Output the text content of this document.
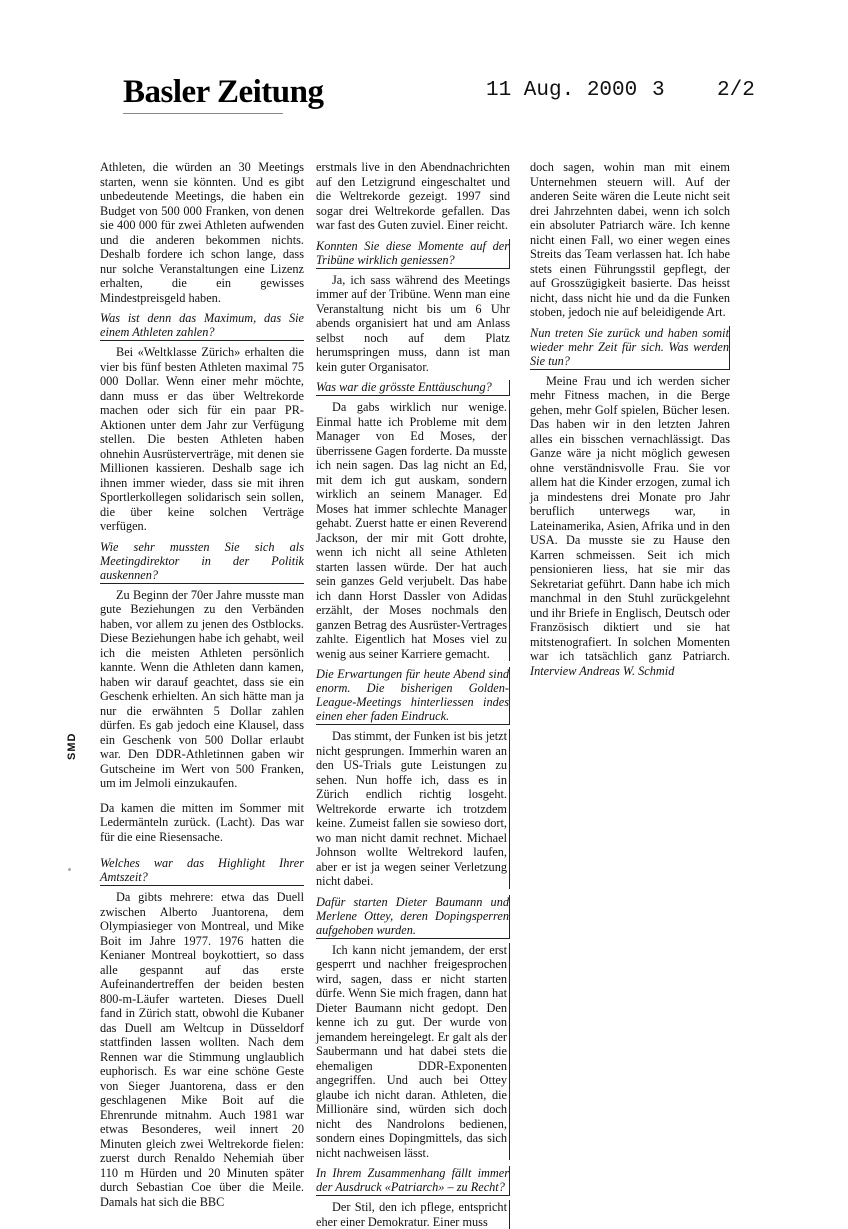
Basler Zeitung	11 Aug. 2000 3 2/2

Athleten, die würden an 30 Meetings starten, wenn sie könnten. Und es gibt unbedeutende Meetings, die haben ein Budget von 500 000 Franken, von denen sie 400 000 für zwei Athleten aufwenden und die anderen bekommen nichts. Deshalb fordere ich schon lange, dass nur solche Veranstaltungen eine Lizenz erhalten, die ein gewisses Mindestpreisgeld haben.

Was ist denn das Maximum, das Sie einem Athleten zahlen?

Bei «Weltklasse Zürich» erhalten die vier bis fünf besten Athleten maximal 75 000 Dollar. Wenn einer mehr möchte, dann muss er das über Weltrekorde machen oder sich für ein paar PR-Aktionen unter dem Jahr zur Verfügung stellen. Die besten Athleten haben ohnehin Ausrüsterverträge, mit denen sie Millionen kassieren. Deshalb sage ich ihnen immer wieder, dass sie mit ihren Sportlerkollegen solidarisch sein sollen, die über keine solchen Verträge verfügen.

Wie sehr mussten Sie sich als Meetingdirektor in der Politik auskennen?

Zu Beginn der 70er Jahre musste man gute Beziehungen zu den Verbänden haben, vor allem zu jenen des Ostblocks. Diese Beziehungen habe ich gehabt, weil ich die meisten Athleten persönlich kannte. Wenn die Athleten dann kamen, haben wir darauf geachtet, dass sie ein Geschenk erhielten. An sich hätte man ja nur die erwähnten 5 Dollar zahlen dürfen. Es gab jedoch eine Klausel, dass ein Geschenk von 500 Dollar erlaubt war. Den DDR-Athletinnen gaben wir Gutscheine im Wert von 500 Franken, um im Jelmoli einzukaufen.

Da kamen die mitten im Sommer mit Ledermänteln zurück. (Lacht). Das war für die eine Riesensache.

Welches war das Highlight Ihrer Amtszeit?

Da gibts mehrere: etwa das Duell zwischen Alberto Juantorena, dem Olympiasieger von Montreal, und Mike Boit im Jahre 1977. 1976 hatten die Kenianer Montreal boykottiert, so dass alle gespannt auf das erste Aufeinandertreffen der beiden besten 800-m-Läufer warteten. Dieses Duell fand in Zürich statt, obwohl die Kubaner das Duell am Weltcup in Düsseldorf stattfinden lassen wollten. Nach dem Rennen war die Stimmung unglaublich euphorisch. Es war eine schöne Geste von Sieger Juantorena, dass er den geschlagenen Mike Boit auf die Ehrenrunde mitnahm. Auch 1981 war etwas Besonderes, weil innert 20 Minuten gleich zwei Weltrekorde fielen: zuerst durch Renaldo Nehemiah über 110 m Hürden und 20 Minuten später durch Sebastian Coe über die Meile. Damals hat sich die BBC

erstmals live in den Abendnachrichten auf den Letzigrund eingeschaltet und die Weltrekorde gezeigt. 1997 sind sogar drei Weltrekorde gefallen. Das war fast des Guten zuviel. Einer reicht.

Konnten Sie diese Momente auf der Tribüne wirklich geniessen?

Ja, ich sass während des Meetings immer auf der Tribüne. Wenn man eine Veranstaltung nicht bis um 6 Uhr abends organisiert hat und am Anlass selbst noch auf dem Platz herumspringen muss, dann ist man kein guter Organisator.

Was war die grösste Enttäuschung?

Da gabs wirklich nur wenige. Einmal hatte ich Probleme mit dem Manager von Ed Moses, der überrissene Gagen forderte. Da musste ich nein sagen. Das lag nicht an Ed, mit dem ich gut auskam, sondern wirklich an seinem Manager. Ed Moses hat immer schlechte Manager gehabt. Zuerst hatte er einen Reverend Jackson, der mir mit Gott drohte, wenn ich nicht all seine Athleten starten lassen würde. Der hat auch sein ganzes Geld verjubelt. Das habe ich dann Horst Dassler von Adidas erzählt, der Moses nochmals den ganzen Betrag des Ausrüster-Vertrages zahlte. Eigentlich hat Moses viel zu wenig aus seiner Karriere gemacht.

Die Erwartungen für heute Abend sind enorm. Die bisherigen Golden-League-Meetings hinterliessen indes einen eher faden Eindruck.

Das stimmt, der Funken ist bis jetzt nicht gesprungen. Immerhin waren an den US-Trials gute Leistungen zu sehen. Nun hoffe ich, dass es in Zürich endlich richtig losgeht. Weltrekorde erwarte ich trotzdem keine. Zumeist fallen sie sowieso dort, wo man nicht damit rechnet. Michael Johnson wollte Weltrekord laufen, aber er ist ja wegen seiner Verletzung nicht dabei.

Dafür starten Dieter Baumann und Merlene Ottey, deren Dopingsperren aufgehoben wurden.

Ich kann nicht jemandem, der erst gesperrt und nachher freigesprochen wird, sagen, dass er nicht starten dürfe. Wenn Sie mich fragen, dann hat Dieter Baumann nicht gedopt. Den kenne ich zu gut. Der wurde von jemandem hereingelegt. Er galt als der Saubermann und hat dabei stets die ehemaligen DDR-Exponenten angegriffen. Und auch bei Ottey glaube ich nicht daran. Athleten, die Millionäre sind, würden sich doch nicht des Nandrolons bedienen, sondern eines Dopingmittels, das sich nicht nachweisen lässt.

In Ihrem Zusammenhang fällt immer der Ausdruck «Patriarch» – zu Recht?

Der Stil, den ich pflege, entspricht eher einer Demokratur. Einer muss

doch sagen, wohin man mit einem Unternehmen steuern will. Auf der anderen Seite wären die Leute nicht seit drei Jahrzehnten dabei, wenn ich solch ein absoluter Patriarch wäre. Ich kenne nicht einen Fall, wo einer wegen eines Streits das Team verlassen hat. Ich habe stets einen Führungsstil gepflegt, der auf Grosszügigkeit basierte. Das heisst nicht, dass nicht hie und da die Funken stoben, jedoch nie auf beleidigende Art.

Nun treten Sie zurück und haben somit wieder mehr Zeit für sich. Was werden Sie tun?

Meine Frau und ich werden sicher mehr Fitness machen, in die Berge gehen, mehr Golf spielen, Bücher lesen. Das haben wir in den letzten Jahren alles ein bisschen vernachlässigt. Das Ganze wäre ja nicht möglich gewesen ohne verständnisvolle Frau. Sie vor allem hat die Kinder erzogen, zumal ich ja mindestens drei Monate pro Jahr beruflich unterwegs war, in Lateinamerika, Asien, Afrika und in den USA. Da musste sie zu Hause den Karren schmeissen. Seit ich mich pensionieren liess, hat sie mir das Sekretariat geführt. Dann habe ich mich manchmal in den Stuhl zurückgelehnt und ihr Briefe in Englisch, Deutsch oder Französisch diktiert und sie hat mitstenografiert. In solchen Momenten war ich tatsächlich ganz Patriarch. Interview Andreas W. Schmid

SMD
